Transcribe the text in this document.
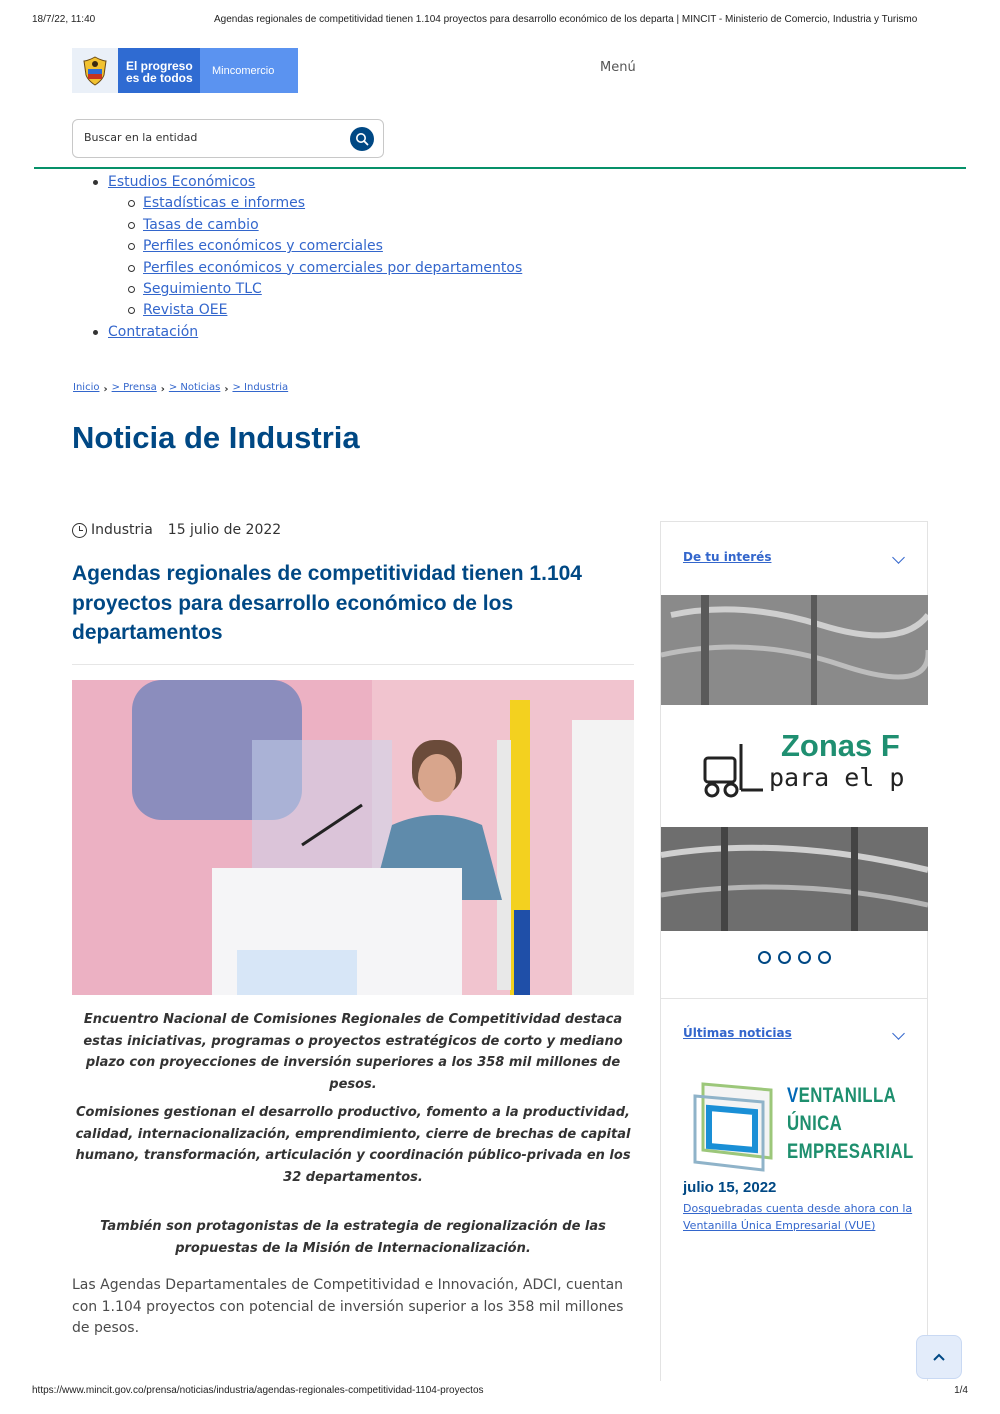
18/7/22, 11:40	Agendas regionales de competitividad tienen 1.104 proyectos para desarrollo económico de los departa | MINCIT - Ministerio de Comercio, Industria y Turismo
El progreso
es de todos	Mincomercio	Menú
Buscar en la entidad
Estudios Económicos
Estadísticas e informes
Tasas de cambio
Perfiles económicos y comerciales
Perfiles económicos y comerciales por departamentos
Seguimiento TLC
Revista OEE
Contratación
Inicio › > Prensa › > Noticias › > Industria
Noticia de Industria
Industria 15 julio de 2022
Agendas regionales de competitividad tienen 1.104 proyectos para desarrollo económico de los departamentos

Encuentro Nacional de Comisiones Regionales de Competitividad destaca estas iniciativas, programas o proyectos estratégicos de corto y mediano plazo con proyecciones de inversión superiores a los 358 mil millones de pesos.

Comisiones gestionan el desarrollo productivo, fomento a la productividad, calidad, internacionalización, emprendimiento, cierre de brechas de capital humano, transformación, articulación y coordinación público-privada en los 32 departamentos.

También son protagonistas de la estrategia de regionalización de las propuestas de la Misión de Internacionalización.

Las Agendas Departamentales de Competitividad e Innovación, ADCI, cuentan con 1.104 proyectos con potencial de inversión superior a los 358 mil millones de pesos.

De tu interés
Zonas F
para el p
Últimas noticias
VENTANILLA
ÚNICA
EMPRESARIAL
julio 15, 2022
Dosquebradas cuenta desde ahora con la Ventanilla Única Empresarial (VUE)
https://www.mincit.gov.co/prensa/noticias/industria/agendas-regionales-competitividad-1104-proyectos	1/4
